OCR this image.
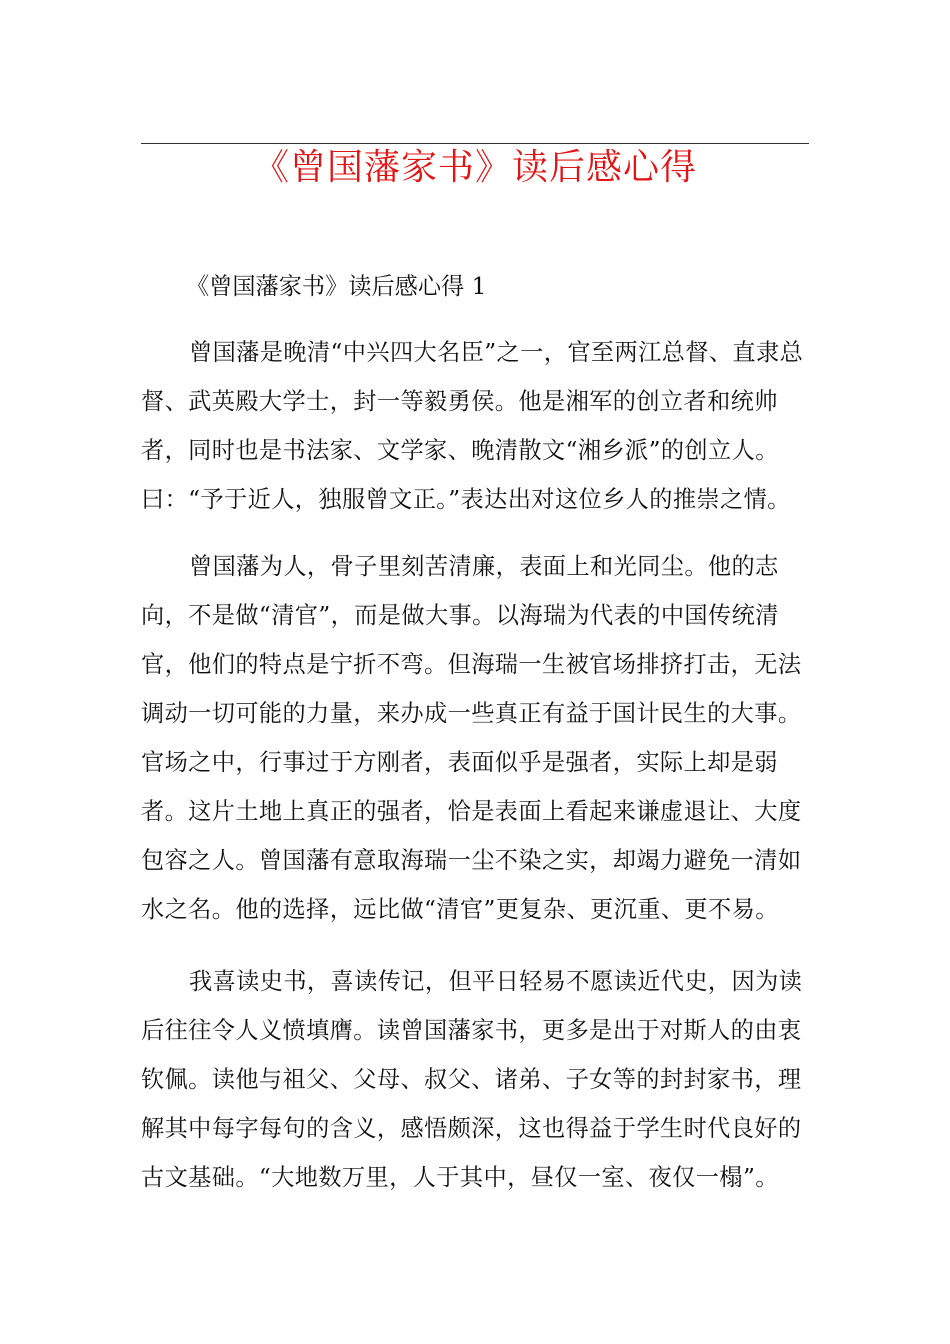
《曾国藩家书》读后感心得

《曾国藩家书》读后感心得 1

曾国藩是晚清“中兴四大名臣”之一，官至两江总督、直隶总督、武英殿大学士，封一等毅勇侯。他是湘军的创立者和统帅者，同时也是书法家、文学家、晚清散文“湘乡派”的创立人。曰：“予于近人，独服曾文正。”表达出对这位乡人的推崇之情。

曾国藩为人，骨子里刻苦清廉，表面上和光同尘。他的志向，不是做“清官”，而是做大事。以海瑞为代表的中国传统清官，他们的特点是宁折不弯。但海瑞一生被官场排挤打击，无法调动一切可能的力量，来办成一些真正有益于国计民生的大事。官场之中，行事过于方刚者，表面似乎是强者，实际上却是弱者。这片土地上真正的强者，恰是表面上看起来谦虚退让、大度包容之人。曾国藩有意取海瑞一尘不染之实，却竭力避免一清如水之名。他的选择，远比做“清官”更复杂、更沉重、更不易。

我喜读史书，喜读传记，但平日轻易不愿读近代史，因为读后往往令人义愤填膺。读曾国藩家书，更多是出于对斯人的由衷钦佩。读他与祖父、父母、叔父、诸弟、子女等的封封家书，理解其中每字每句的含义，感悟颇深，这也得益于学生时代良好的古文基础。“大地数万里，人于其中，昼仅一室、夜仅一榻”。
